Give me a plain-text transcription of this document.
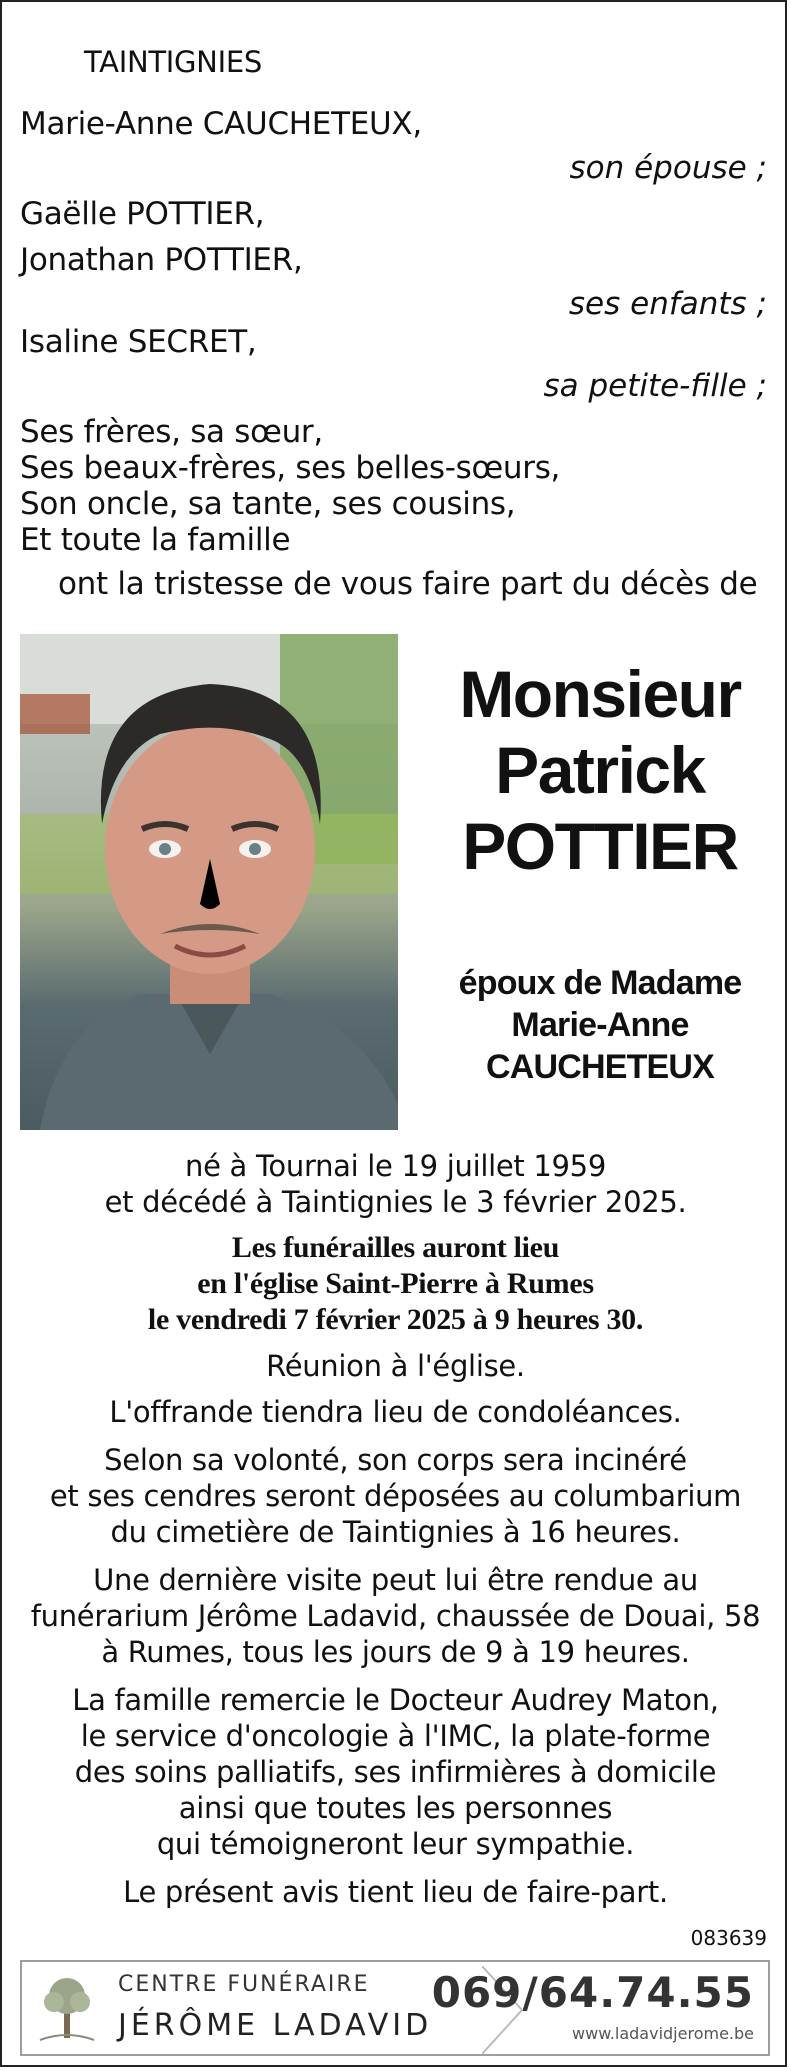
TAINTIGNIES
Marie-Anne CAUCHETEUX,
son épouse ;
Gaëlle POTTIER,
Jonathan POTTIER,
ses enfants ;
Isaline SECRET,
sa petite-fille ;
Ses frères, sa sœur,
Ses beaux-frères, ses belles-sœurs,
Son oncle, sa tante, ses cousins,
Et toute la famille
ont la tristesse de vous faire part du décès de
Monsieur
Patrick
POTTIER
époux de Madame
Marie-Anne
CAUCHETEUX
né à Tournai le 19 juillet 1959
et décédé à Taintignies le 3 février 2025.
Les funérailles auront lieu
en l'église Saint-Pierre à Rumes
le vendredi 7 février 2025 à 9 heures 30.
Réunion à l'église.
L'offrande tiendra lieu de condoléances.
Selon sa volonté, son corps sera incinéré
et ses cendres seront déposées au columbarium
du cimetière de Taintignies à 16 heures.
Une dernière visite peut lui être rendue au
funérarium Jérôme Ladavid, chaussée de Douai, 58
à Rumes, tous les jours de 9 à 19 heures.
La famille remercie le Docteur Audrey Maton,
le service d'oncologie à l'IMC, la plate-forme
des soins palliatifs, ses infirmières à domicile
ainsi que toutes les personnes
qui témoigneront leur sympathie.
Le présent avis tient lieu de faire-part.
083639
CENTRE FUNÉRAIRE
JÉRÔME LADAVID
069/64.74.55
www.ladavidjerome.be
